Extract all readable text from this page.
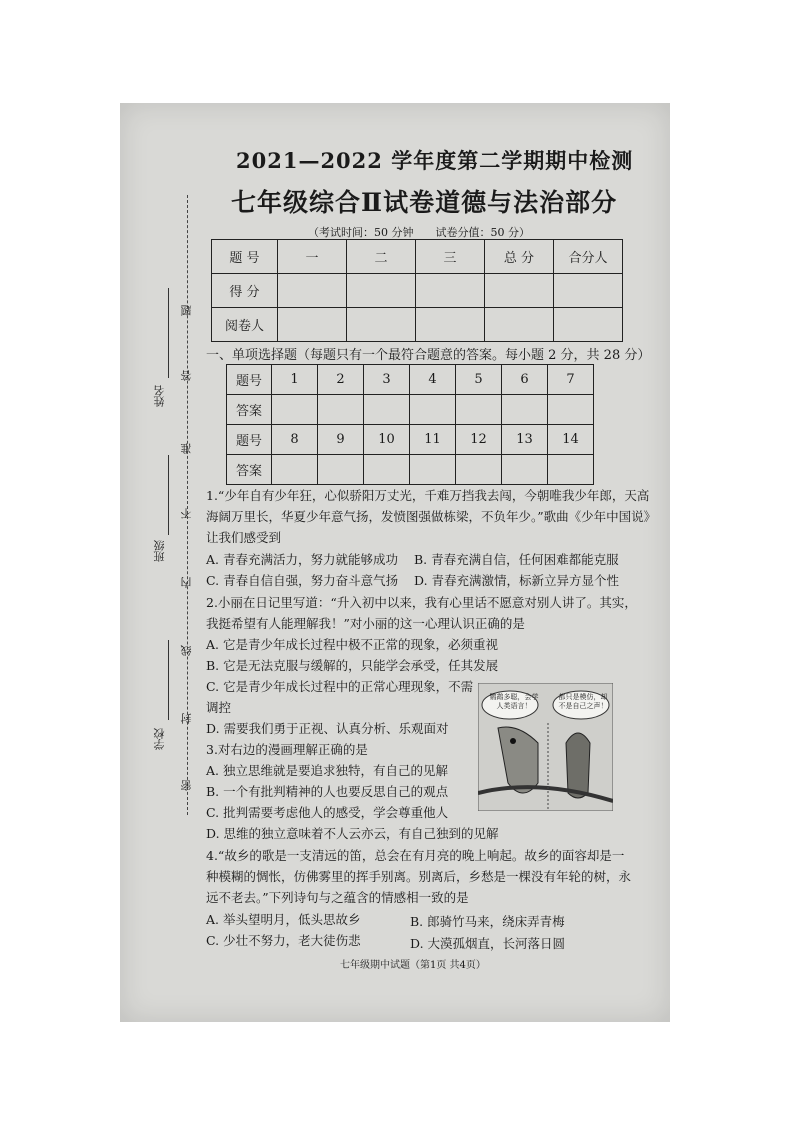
2021—2022 学年度第二学期期中检测
七年级综合Ⅱ试卷道德与法治部分
（考试时间：50 分钟　　试卷分值：50 分）
题 号	一	二	三	总 分	合分人
得 分					
阅卷人					
一、单项选择题（每题只有一个最符合题意的答案。每小题 2 分，共 28 分）
题号	1	2	3	4	5	6	7
答案							
题号	8	9	10	11	12	13	14
答案							
姓名
班级
学校
密
封
线
内
不
准
答
题
1.“少年自有少年狂，心似骄阳万丈光，千难万挡我去闯，今朝唯我少年郎，天高
海阔万里长，华夏少年意气扬，发愤图强做栋梁，不负年少。”歌曲《少年中国说》
让我们感受到
A. 青春充满活力，努力就能够成功 B. 青春充满自信，任何困难都能克服
C. 青春自信自强，努力奋斗意气扬 D. 青春充满激情，标新立异方显个性
2.小丽在日记里写道：“升入初中以来，我有心里话不愿意对别人讲了。其实，
我挺希望有人能理解我！”对小丽的这一心理认识正确的是
A. 它是青少年成长过程中极不正常的现象，必须重视
B. 它是无法克服与缓解的，只能学会承受，任其发展
C. 它是青少年成长过程中的正常心理现象，不需
调控
D. 需要我们勇于正视、认真分析、乐观面对
3.对右边的漫画理解正确的是
A. 独立思维就是要追求独特，有自己的见解
B. 一个有批判精神的人也要反思自己的观点
C. 批判需要考虑他人的感受，学会尊重他人
D. 思维的独立意味着不人云亦云，有自己独到的见解
鹦鹉多聪，会学人类语言！
都只是模仿，却不是自己之声！
4.“故乡的歌是一支清远的笛，总会在有月亮的晚上响起。故乡的面容却是一
种模糊的惆怅，仿佛雾里的挥手别离。别离后，乡愁是一棵没有年轮的树，永
远不老去。”下列诗句与之蕴含的情感相一致的是
A. 举头望明月，低头思故乡	B. 郎骑竹马来，绕床弄青梅
C. 少壮不努力，老大徒伤悲	D. 大漠孤烟直，长河落日圆
七年级期中试题（第1页 共4页）
